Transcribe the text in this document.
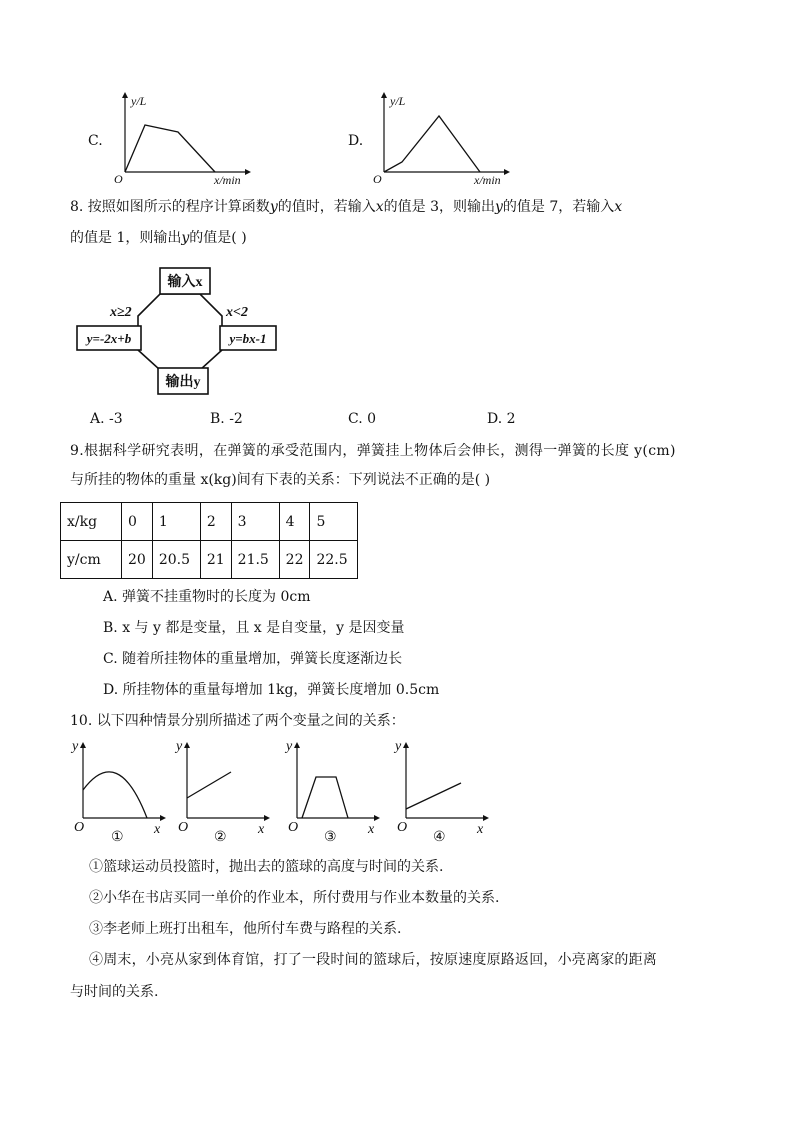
C.
y/L
x/min
O
D.
y/L
x/min
O
8. 按照如图所示的程序计算函数y的值时，若输入x的值是 3，则输出y的值是 7，若输入x
的值是 1，则输出y的值是( )
输入x
y=-2x+b	y=bx-1
输出y
x≥2	x<2
A. -3	B. -2	C. 0	D. 2
9.根据科学研究表明，在弹簧的承受范围内，弹簧挂上物体后会伸长，测得一弹簧的长度 y(cm)
与所挂的物体的重量 x(kg)间有下表的关系：下列说法不正确的是( )
x/kg	0	1	2	3	4	5
y/cm	20	20.5	21	21.5	22	22.5
A. 弹簧不挂重物时的长度为 0cm
B. x 与 y 都是变量，且 x 是自变量，y 是因变量
C. 随着所挂物体的重量增加，弹簧长度逐渐边长
D. 所挂物体的重量每增加 1kg，弹簧长度增加 0.5cm
10. 以下四种情景分别所描述了两个变量之间的关系：
y
O	x
①
y
O	x
②
y
O	x
③
y
O	x
④
①篮球运动员投篮时，抛出去的篮球的高度与时间的关系.
②小华在书店买同一单价的作业本，所付费用与作业本数量的关系.
③李老师上班打出租车，他所付车费与路程的关系.
④周末，小亮从家到体育馆，打了一段时间的篮球后，按原速度原路返回，小亮离家的距离
与时间的关系.
